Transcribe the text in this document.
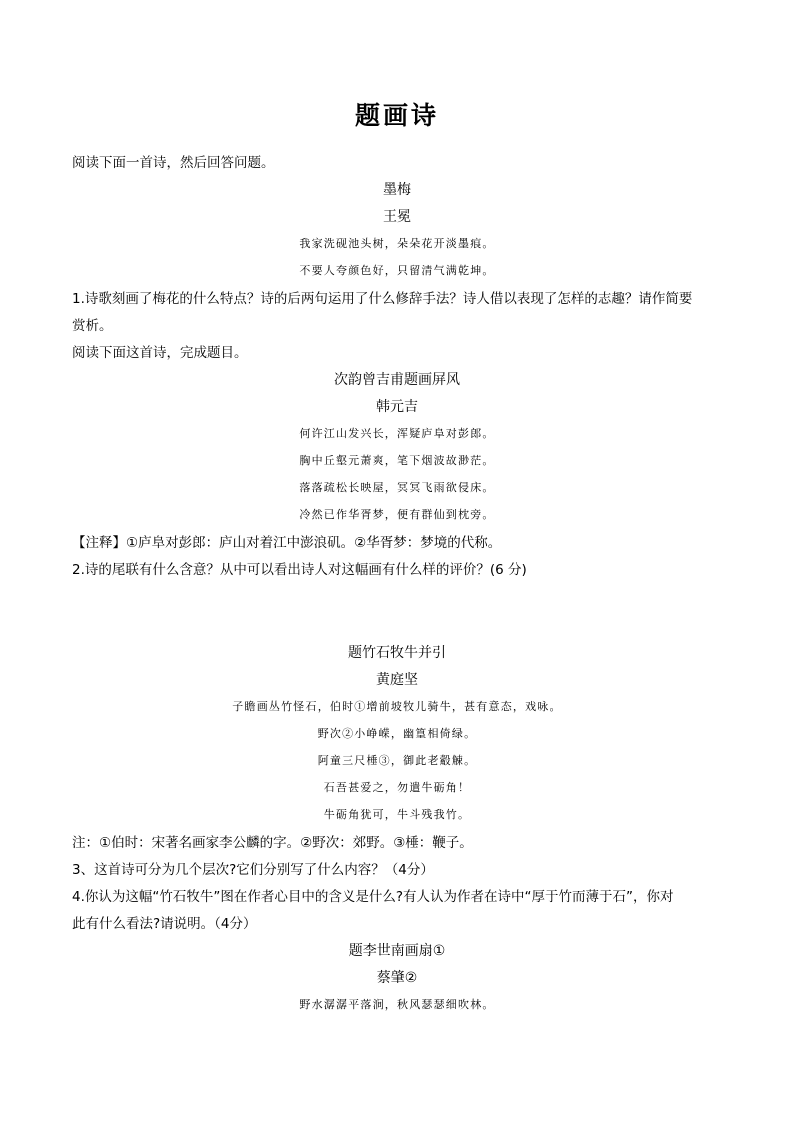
题画诗
阅读下面一首诗，然后回答问题。
墨梅
王冕
我家洗砚池头树，朵朵花开淡墨痕。
不要人夸颜色好，只留清气满乾坤。
1.诗歌刻画了梅花的什么特点？诗的后两句运用了什么修辞手法？诗人借以表现了怎样的志趣？请作简要
赏析。
阅读下面这首诗，完成题目。
次韵曾吉甫题画屏风
韩元吉
何许江山发兴长，浑疑庐阜对彭郎。
胸中丘壑元萧爽，笔下烟波故渺茫。
落落疏松长映屋，冥冥飞雨欲侵床。
冷然已作华胥梦，便有群仙到枕旁。
【注释】①庐阜对彭郎：庐山对着江中澎浪矶。②华胥梦：梦境的代称。
2.诗的尾联有什么含意？从中可以看出诗人对这幅画有什么样的评价？(6 分)
题竹石牧牛并引
黄庭坚
子瞻画丛竹怪石，伯时①增前坡牧儿骑牛，甚有意态，戏咏。
野次②小峥嵘，幽篁相倚绿。
阿童三尺棰③，御此老觳觫。
石吾甚爱之，勿遣牛砺角！
牛砺角犹可，牛斗残我竹。
注：①伯时：宋著名画家李公麟的字。②野次：郊野。③棰：鞭子。
3、这首诗可分为几个层次?它们分别写了什么内容？（4分）
4.你认为这幅“竹石牧牛”图在作者心目中的含义是什么?有人认为作者在诗中“厚于竹而薄于石”，你对
此有什么看法?请说明。（4分）
题李世南画扇①
蔡肇②
野水潺潺平落涧，秋风瑟瑟细吹林。
